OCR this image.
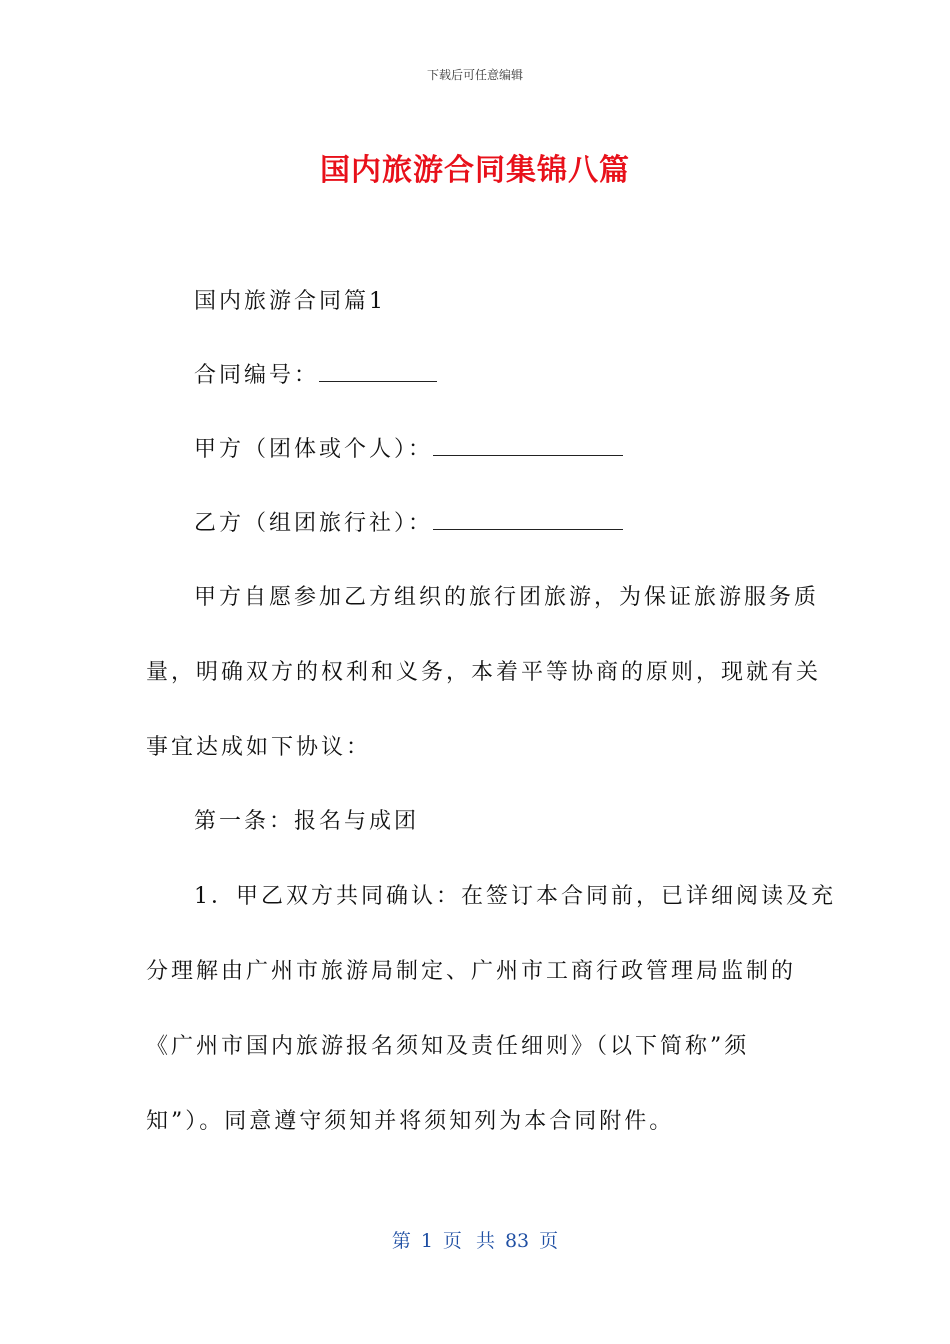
下载后可任意编辑
国内旅游合同集锦八篇
国内旅游合同篇1
合同编号：
甲方（团体或个人）：
乙方（组团旅行社）：
甲方自愿参加乙方组织的旅行团旅游，为保证旅游服务质
量，明确双方的权利和义务，本着平等协商的原则，现就有关
事宜达成如下协议：
第一条：报名与成团
1．甲乙双方共同确认：在签订本合同前，已详细阅读及充
分理解由广州市旅游局制定、广州市工商行政管理局监制的
《广州市国内旅游报名须知及责任细则》（以下简称”须
知”）。同意遵守须知并将须知列为本合同附件。
第 1 页 共 83 页
